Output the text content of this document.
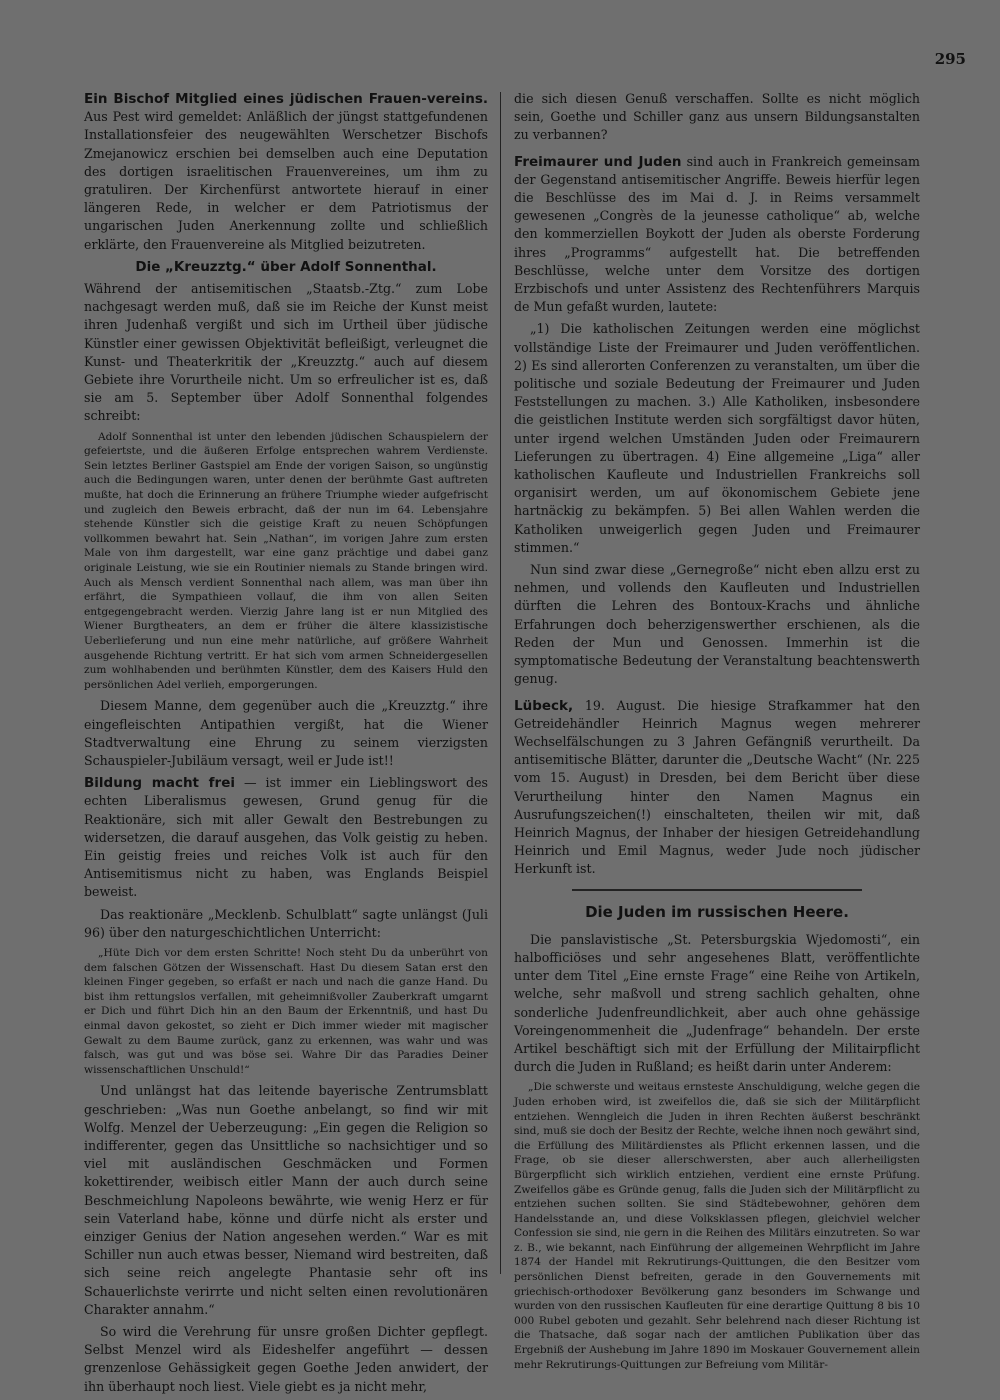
295

Ein Bischof Mitglied eines jüdischen Frauen-vereins. Aus Pest wird gemeldet: Anläßlich der jüngst stattgefundenen Installationsfeier des neugewählten Werschetzer Bischofs Zmejanowicz erschien bei demselben auch eine Deputation des dortigen israelitischen Frauenvereines, um ihm zu gratuliren. Der Kirchenfürst antwortete hierauf in einer längeren Rede, in welcher er dem Patriotismus der ungarischen Juden Anerkennung zollte und schließlich erklärte, den Frauenvereine als Mitglied beizutreten.

Die „Kreuzztg.“ über Adolf Sonnenthal.

Während der antisemitischen „Staatsb.-Ztg.“ zum Lobe nachgesagt werden muß, daß sie im Reiche der Kunst meist ihren Judenhaß vergißt und sich im Urtheil über jüdische Künstler einer gewissen Objektivität befleißigt, verleugnet die Kunst- und Theaterkritik der „Kreuzztg.“ auch auf diesem Gebiete ihre Vorurtheile nicht. Um so erfreulicher ist es, daß sie am 5. September über Adolf Sonnenthal folgendes schreibt:

Adolf Sonnenthal ist unter den lebenden jüdischen Schauspielern der gefeiertste, und die äußeren Erfolge entsprechen wahrem Verdienste. Sein letztes Berliner Gastspiel am Ende der vorigen Saison, so ungünstig auch die Bedingungen waren, unter denen der berühmte Gast auftreten mußte, hat doch die Erinnerung an frühere Triumphe wieder aufgefrischt und zugleich den Beweis erbracht, daß der nun im 64. Lebensjahre stehende Künstler sich die geistige Kraft zu neuen Schöpfungen vollkommen bewahrt hat. Sein „Nathan“, im vorigen Jahre zum ersten Male von ihm dargestellt, war eine ganz prächtige und dabei ganz originale Leistung, wie sie ein Routinier niemals zu Stande bringen wird. Auch als Mensch verdient Sonnenthal nach allem, was man über ihn erfährt, die Sympathieen vollauf, die ihm von allen Seiten entgegengebracht werden. Vierzig Jahre lang ist er nun Mitglied des Wiener Burgtheaters, an dem er früher die ältere klassizistische Ueberlieferung und nun eine mehr natürliche, auf größere Wahrheit ausgehende Richtung vertritt. Er hat sich vom armen Schneidergesellen zum wohlhabenden und berühmten Künstler, dem des Kaisers Huld den persönlichen Adel verlieh, emporgerungen.

Diesem Manne, dem gegenüber auch die „Kreuzztg.“ ihre eingefleischten Antipathien vergißt, hat die Wiener Stadtverwaltung eine Ehrung zu seinem vierzigsten Schauspieler-Jubiläum versagt, weil er Jude ist!!

Bildung macht frei — ist immer ein Lieblingswort des echten Liberalismus gewesen, Grund genug für die Reaktionäre, sich mit aller Gewalt den Bestrebungen zu widersetzen, die darauf ausgehen, das Volk geistig zu heben. Ein geistig freies und reiches Volk ist auch für den Antisemitismus nicht zu haben, was Englands Beispiel beweist.

Das reaktionäre „Mecklenb. Schulblatt“ sagte unlängst (Juli 96) über den naturgeschichtlichen Unterricht:

„Hüte Dich vor dem ersten Schritte! Noch steht Du da unberührt von dem falschen Götzen der Wissenschaft. Hast Du diesem Satan erst den kleinen Finger gegeben, so erfaßt er nach und nach die ganze Hand. Du bist ihm rettungslos verfallen, mit geheimnißvoller Zauberkraft umgarnt er Dich und führt Dich hin an den Baum der Erkenntniß, und hast Du einmal davon gekostet, so zieht er Dich immer wieder mit magischer Gewalt zu dem Baume zurück, ganz zu erkennen, was wahr und was falsch, was gut und was böse sei. Wahre Dir das Paradies Deiner wissenschaftlichen Unschuld!“

Und unlängst hat das leitende bayerische Zentrumsblatt geschrieben: „Was nun Goethe anbelangt, so find wir mit Wolfg. Menzel der Ueberzeugung: „Ein gegen die Religion so indifferenter, gegen das Unsittliche so nachsichtiger und so viel mit ausländischen Geschmäcken und Formen kokettirender, weibisch eitler Mann der auch durch seine Beschmeichlung Napoleons bewährte, wie wenig Herz er für sein Vaterland habe, könne und dürfe nicht als erster und einziger Genius der Nation angesehen werden.“ War es mit Schiller nun auch etwas besser, Niemand wird bestreiten, daß sich seine reich angelegte Phantasie sehr oft ins Schauerlichste verirrte und nicht selten einen revolutionären Charakter annahm.“

So wird die Verehrung für unsre großen Dichter gepflegt. Selbst Menzel wird als Eideshelfer angeführt — dessen grenzenlose Gehässigkeit gegen Goethe Jeden anwidert, der ihn überhaupt noch liest. Viele giebt es ja nicht mehr,

die sich diesen Genuß verschaffen. Sollte es nicht möglich sein, Goethe und Schiller ganz aus unsern Bildungsanstalten zu verbannen?

Freimaurer und Juden sind auch in Frankreich gemeinsam der Gegenstand antisemitischer Angriffe. Beweis hierfür legen die Beschlüsse des im Mai d. J. in Reims versammelt gewesenen „Congrès de la jeunesse catholique“ ab, welche den kommerziellen Boykott der Juden als oberste Forderung ihres „Programms“ aufgestellt hat. Die betreffenden Beschlüsse, welche unter dem Vorsitze des dortigen Erzbischofs und unter Assistenz des Rechtenführers Marquis de Mun gefaßt wurden, lautete:

„1) Die katholischen Zeitungen werden eine möglichst vollständige Liste der Freimaurer und Juden veröffentlichen. 2) Es sind allerorten Conferenzen zu veranstalten, um über die politische und soziale Bedeutung der Freimaurer und Juden Feststellungen zu machen. 3.) Alle Katholiken, insbesondere die geistlichen Institute werden sich sorgfältigst davor hüten, unter irgend welchen Umständen Juden oder Freimaurern Lieferungen zu übertragen. 4) Eine allgemeine „Liga“ aller katholischen Kaufleute und Industriellen Frankreichs soll organisirt werden, um auf ökonomischem Gebiete jene hartnäckig zu bekämpfen. 5) Bei allen Wahlen werden die Katholiken unweigerlich gegen Juden und Freimaurer stimmen.“

Nun sind zwar diese „Gernegroße“ nicht eben allzu erst zu nehmen, und vollends den Kaufleuten und Industriellen dürften die Lehren des Bontoux-Krachs und ähnliche Erfahrungen doch beherzigenswerther erschienen, als die Reden der Mun und Genossen. Immerhin ist die symptomatische Bedeutung der Veranstaltung beachtenswerth genug.

Lübeck, 19. August. Die hiesige Strafkammer hat den Getreidehändler Heinrich Magnus wegen mehrerer Wechselfälschungen zu 3 Jahren Gefängniß verurtheilt. Da antisemitische Blätter, darunter die „Deutsche Wacht“ (Nr. 225 vom 15. August) in Dresden, bei dem Bericht über diese Verurtheilung hinter den Namen Magnus ein Ausrufungszeichen(!) einschalteten, theilen wir mit, daß Heinrich Magnus, der Inhaber der hiesigen Getreidehandlung Heinrich und Emil Magnus, weder Jude noch jüdischer Herkunft ist.

Die Juden im russischen Heere.

Die panslavistische „St. Petersburgskia Wjedomosti“, ein halbofficiöses und sehr angesehenes Blatt, veröffentlichte unter dem Titel „Eine ernste Frage“ eine Reihe von Artikeln, welche, sehr maßvoll und streng sachlich gehalten, ohne sonderliche Judenfreundlichkeit, aber auch ohne gehässige Voreingenommenheit die „Judenfrage“ behandeln. Der erste Artikel beschäftigt sich mit der Erfüllung der Militairpflicht durch die Juden in Rußland; es heißt darin unter Anderem:

„Die schwerste und weitaus ernsteste Anschuldigung, welche gegen die Juden erhoben wird, ist zweifellos die, daß sie sich der Militärpflicht entziehen. Wenngleich die Juden in ihren Rechten äußerst beschränkt sind, muß sie doch der Besitz der Rechte, welche ihnen noch gewährt sind, die Erfüllung des Militärdienstes als Pflicht erkennen lassen, und die Frage, ob sie dieser allerschwersten, aber auch allerheiligsten Bürgerpflicht sich wirklich entziehen, verdient eine ernste Prüfung. Zweifellos gäbe es Gründe genug, falls die Juden sich der Militärpflicht zu entziehen suchen sollten. Sie sind Städtebewohner, gehören dem Handelsstande an, und diese Volksklassen pflegen, gleichviel welcher Confession sie sind, nie gern in die Reihen des Militärs einzutreten. So war z. B., wie bekannt, nach Einführung der allgemeinen Wehrpflicht im Jahre 1874 der Handel mit Rekrutirungs-Quittungen, die den Besitzer vom persönlichen Dienst befreiten, gerade in den Gouvernements mit griechisch-orthodoxer Bevölkerung ganz besonders im Schwange und wurden von den russischen Kaufleuten für eine derartige Quittung 8 bis 10 000 Rubel geboten und gezahlt. Sehr belehrend nach dieser Richtung ist die Thatsache, daß sogar nach der amtlichen Publikation über das Ergebniß der Aushebung im Jahre 1890 im Moskauer Gouvernement allein mehr Rekrutirungs-Quittungen zur Befreiung vom Militär-
